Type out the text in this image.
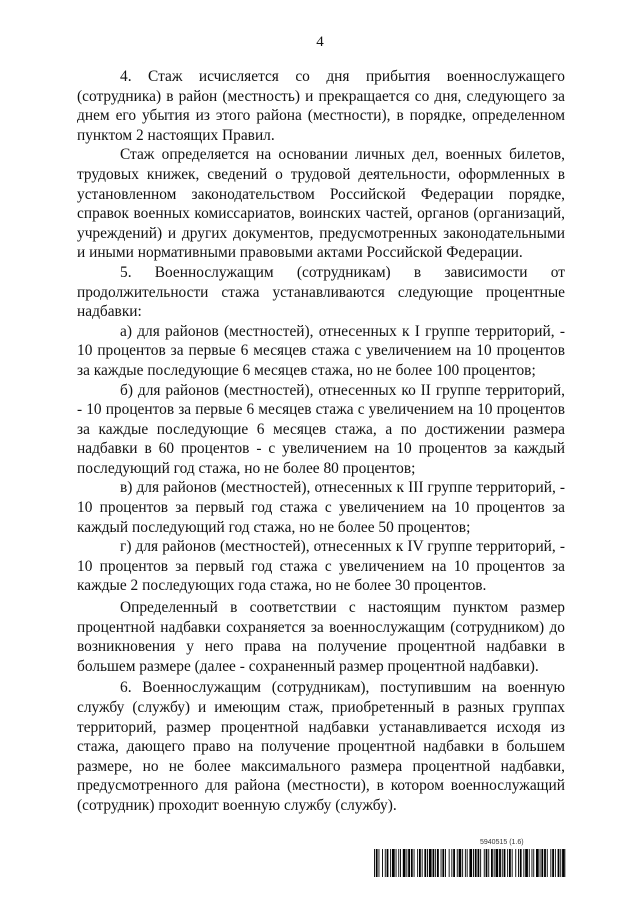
4

4. Стаж исчисляется со дня прибытия военнослужащего (сотрудника) в район (местность) и прекращается со дня, следующего за днем его убытия из этого района (местности), в порядке, определенном пунктом 2 настоящих Правил.

Стаж определяется на основании личных дел, военных билетов, трудовых книжек, сведений о трудовой деятельности, оформленных в установленном законодательством Российской Федерации порядке, справок военных комиссариатов, воинских частей, органов (организаций, учреждений) и других документов, предусмотренных законодательными и иными нормативными правовыми актами Российской Федерации.

5. Военнослужащим (сотрудникам) в зависимости от продолжительности стажа устанавливаются следующие процентные надбавки:

а) для районов (местностей), отнесенных к I группе территорий, - 10 процентов за первые 6 месяцев стажа с увеличением на 10 процентов за каждые последующие 6 месяцев стажа, но не более 100 процентов;

б) для районов (местностей), отнесенных ко II группе территорий, - 10 процентов за первые 6 месяцев стажа с увеличением на 10 процентов за каждые последующие 6 месяцев стажа, а по достижении размера надбавки в 60 процентов - с увеличением на 10 процентов за каждый последующий год стажа, но не более 80 процентов;

в) для районов (местностей), отнесенных к III группе территорий, - 10 процентов за первый год стажа с увеличением на 10 процентов за каждый последующий год стажа, но не более 50 процентов;

г) для районов (местностей), отнесенных к IV группе территорий, - 10 процентов за первый год стажа с увеличением на 10 процентов за каждые 2 последующих года стажа, но не более 30 процентов.

Определенный в соответствии с настоящим пунктом размер процентной надбавки сохраняется за военнослужащим (сотрудником) до возникновения у него права на получение процентной надбавки в большем размере (далее - сохраненный размер процентной надбавки).

6. Военнослужащим (сотрудникам), поступившим на военную службу (службу) и имеющим стаж, приобретенный в разных группах территорий, размер процентной надбавки устанавливается исходя из стажа, дающего право на получение процентной надбавки в большем размере, но не более максимального размера процентной надбавки, предусмотренного для района (местности), в котором военнослужащий (сотрудник) проходит военную службу (службу).

5940515 (1.6)
